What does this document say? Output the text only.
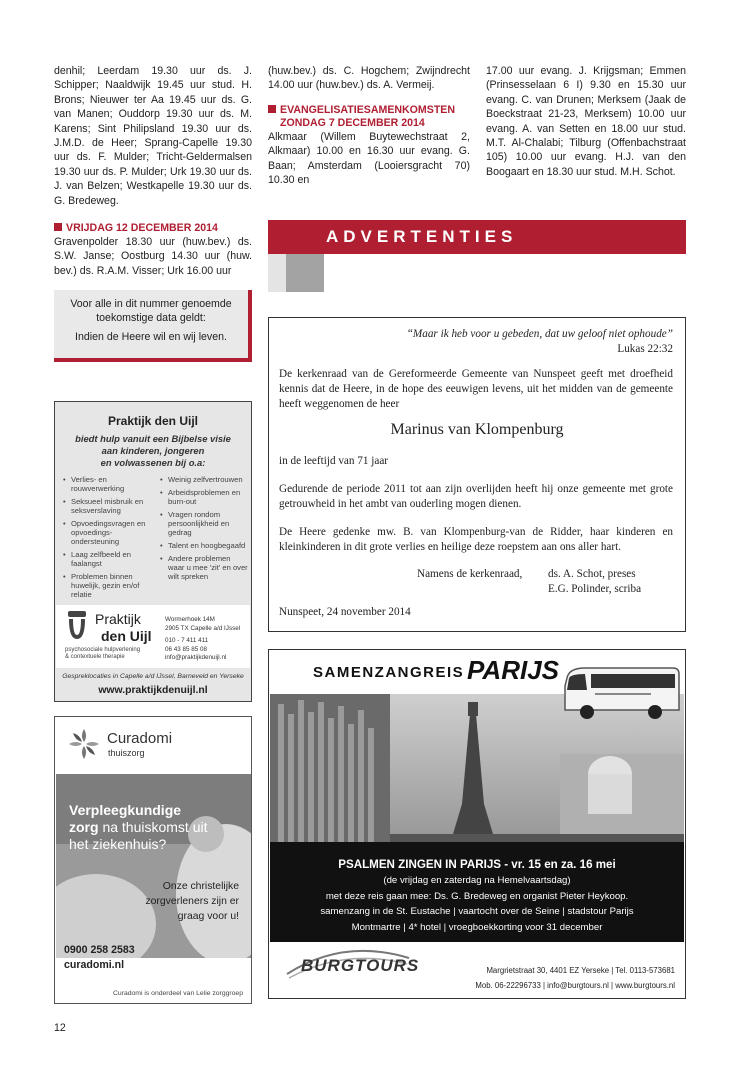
denhil; Leerdam 19.30 uur ds. J. Schipper; Naaldwijk 19.45 uur stud. H. Brons; Nieuwer ter Aa 19.45 uur ds. G. van Manen; Ouddorp 19.30 uur ds. M. Karens; Sint Philipsland 19.30 uur ds. J.M.D. de Heer; Sprang-Capelle 19.30 uur ds. F. Mulder; Tricht-Geldermalsen 19.30 uur ds. P. Mulder; Urk 19.30 uur ds. J. van Belzen; Westkapelle 19.30 uur ds. G. Bredeweg.

VRIJDAG 12 DECEMBER 2014

Gravenpolder 18.30 uur (huw.bev.) ds. S.W. Janse; Oostburg 14.30 uur (huw. bev.) ds. R.A.M. Visser; Urk 16.00 uur

(huw.bev.) ds. C. Hogchem; Zwijndrecht 14.00 uur (huw.bev.) ds. A. Vermeij.

EVANGELISATIESAMENKOMSTEN
ZONDAG 7 DECEMBER 2014

Alkmaar (Willem Buytewechstraat 2, Alkmaar) 10.00 en 16.30 uur evang. G. Baan; Amsterdam (Looiersgracht 70) 10.30 en

17.00 uur evang. J. Krijgsman; Emmen (Prinsesselaan 6 I) 9.30 en 15.30 uur evang. C. van Drunen; Merksem (Jaak de Boeckstraat 21-23, Merksem) 10.00 uur evang. A. van Setten en 18.00 uur stud. M.T. Al-Chalabi; Tilburg (Offenbachstraat 105) 10.00 uur evang. H.J. van den Boogaart en 18.30 uur stud. M.H. Schot.

ADVERTENTIES

Voor alle in dit nummer genoemde toekomstige data geldt:

Indien de Heere wil en wij leven.	“Maar ik heb voor u gebeden, dat uw geloof niet ophoude”
Lukas 22:32
De kerkenraad van de Gereformeerde Gemeente van Nunspeet geeft met droefheid kennis dat de Heere, in de hope des eeuwigen levens, uit het midden van de gemeente heeft weggenomen de heer
Marinus van Klompenburg
in de leeftijd van 71 jaar
Gedurende de periode 2011 tot aan zijn overlijden heeft hij onze gemeente met grote getrouwheid in het ambt van ouderling mogen dienen.
De Heere gedenke mw. B. van Klompenburg-van de Ridder, haar kinderen en kleinkinderen in dit grote verlies en heilige deze roepstem aan ons aller hart.
Namens de kerkenraad, ds. A. Schot, preses
E.G. Polinder, scriba
Nunspeet, 24 november 2014
Praktijk den Uijl
biedt hulp vanuit een Bijbelse visie
aan kinderen, jongeren
en volwassenen bij o.a:
• Verlies- en rouwverwerking
• Seksueel misbruik en seksverslaving
• Opvoedingsvragen en opvoedings-ondersteuning
• Laag zelfbeeld en faalangst
• Problemen binnen huwelijk, gezin en/of relatie
• Weinig zelfvertrouwen
• Arbeidsproblemen en burn-out
• Vragen rondom persoonlijkheid en gedrag
• Talent en hoogbegaafd
• Andere problemen waar u mee 'zit' en over wilt spreken
Praktijk
den Uijl
psychosociale hulpverlening
& contextuele therapie
Wormerhoek 14M
2905 TX Capelle a/d IJssel
010 - 7 411 411
06 43 85 85 08
info@praktijkdenuijl.nl
Gespreklocaties in Capelle a/d IJssel, Barneveld en Yerseke
www.praktijkdenuijl.nl
Curadomi
thuiszorg
Verpleegkundige
zorg na thuiskomst uit
het ziekenhuis?
Onze christelijke
zorgverleners zijn er
graag voor u!
0900 258 2583
curadomi.nl
Curadomi is onderdeel van Lelie zorggroep
SAMENZANGREIS PARIJS
PSALMEN ZINGEN IN PARIJS - vr. 15 en za. 16 mei
(de vrijdag en zaterdag na Hemelvaartsdag)
met deze reis gaan mee: Ds. G. Bredeweg en organist Pieter Heykoop.
samenzang in de St. Eustache | vaartocht over de Seine | stadstour Parijs
Montmartre | 4* hotel | vroegboekkorting voor 31 december
BURGTOURS	Margrietstraat 30, 4401 EZ Yerseke | Tel. 0113-573681
Mob. 06-22296733 | info@burgtours.nl | www.burgtours.nl
12
